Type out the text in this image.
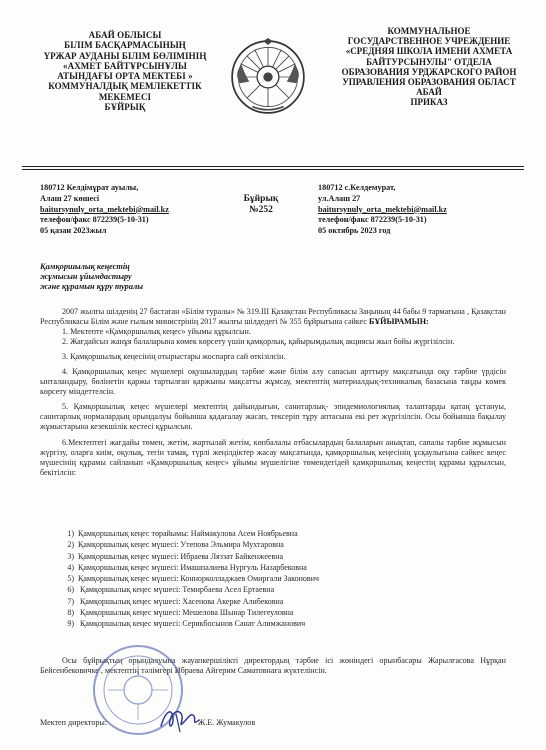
АБАЙ ОБЛЫСЫ
БІЛІМ БАСҚАРМАСЫНЫҢ
ҮРЖАР АУДАНЫ БІЛІМ БӨЛІМІНІҢ
«АХМЕТ БАЙТҰРСЫНҰЛЫ
АТЫНДАҒЫ ОРТА МЕКТЕБІ »
КОММУНАЛДЫҚ МЕМЛЕКЕТТІК
МЕКЕМЕСІ
БҰЙРЫҚ
КОММУНАЛЬНОЕ
ГОСУДАРСТВЕННОЕ УЧРЕЖДЕНИЕ
«СРЕДНЯЯ ШКОЛА ИМЕНИ АХМЕТА
БАЙТУРСЫНУЛЫ" ОТДЕЛА
ОБРАЗОВАНИЯ УРДЖАРСКОГО РАЙОН
УПРАВЛЕНИЯ ОБРАЗОВАНИЯ ОБЛАСТ
АБАЙ
ПРИКАЗ
180712 Келдімұрат ауылы,
Алаш 27 көшесі
baitursynuly_orta_mektebi@mail.kz
телефон/факс 872239(5-10-31)
05 қазан 2023жыл
Бұйрық
№252
180712 с.Келдемурат,
ул.Алаш 27
baitursynuly_orta_mektebi@mail.kz
телефон/факс 872239(5-10-31)
05 октябрь 2023 год
Қамқоршылық кеңестің
жұмысын ұйымдастыру
және құрамын құру туралы

2007 жылғы шілденің 27 бастаған «Білім туралы» № 319.III Қазақстан Республикасы Заңының 44 бабы 9 тармағына , Қазақстан Республикасы Білім және ғылым министрінің 2017 жылғы шілдедегі № 355 бұйрығына сәйкес БҰЙЫРАМЫН:

1. Мектепте «Қамқоршылық кеңес» уйымы құрылсын.

2. Жағдайсыз жанұя балаларына көмек көрсету үшін қамқорлық, қайырымдылық акциясы жыл бойы жүргізілсін.

3. Қамқоршылық кеңесінің отырыстары жоспарға сай өткізілсін.

4. Қамқоршылық кеңес мүшелері оқушылардың тәрбие және білім алу сапасын арттыру мақсатында оқу тәрбие үрдісін ынталандыру, бөлінетін қаржы тартылған қаржыны мақсатты жұмсау, мектептің материалдық-техникалық базасына таңды көмек көрсету міндеттелсін.

5. Қамқоршылық кеңес мүшелері мектептің дайындығын, санитарлық- эпидемиологиялық талаптарды қатаң ұстануы, санитарлық нормалардың орындалуы бойынша қадағалау жасап, тексеріп тұру аптасына екі рет жүргізілсін. Осы бойынша бақылау жұмыстарына кезекшілік кестесі құрылсын.

6.Мектептегі жағдайы төмен, жетім, жартылай жетім, көпбалалы отбасылардың балаларын анықтап, сапалы тәрбие жұмысын жүргізу, оларға киім, оқулық, тегін тамақ, түрлі жеңілдіктер жасау мақсатында, қамқоршылық кеңесінің ұсқаулығына сәйкес кеңес мүшесінің құрамы сайланып «Қамқоршылық кеңес» ұйымы мүшелігіне төмендегідей қамқоршылық кеңестің құрамы құрылсын, бекітілсін:

1) Қамқоршылық кеңес төрайымы: Наймакулова Асем Ноябрьевна
2) Қамқоршылық кеңес мүшесі: Утепова Эльмира Мухтаровна
3) Қамқоршылық кеңес мүшесі: Ибраева Ляззат Байкенжеевна
4) Қамқоршылық кеңес мүшесі: Имашпалиева Нургуль Назарбековна
5) Қамқоршылық кеңес мүшесі: Коннорколладжаев Омирғали Законович
6) Қамқоршылық кеңес мүшесі: Темирбаева Асел Ертаевна
7) Қамқоршылық кеңес мүшесі: Хасенова Акерке Алибековна
8) Қамқоршылық кеңес мүшесі: Мешелова Шынар Тилегеуловна
9) Қамқоршылық кеңес мүшесі: Серикбосынов Санат Алимжанович

Осы бұйрықтың орындалуына жауапкершілікті директордың тәрбие ісі жөніндегі орынбасары Жарылғасова Нұрқан Бейсенбековичке , мектептің тәлімгері Ибраева Айгерим Саматовнаға жүктелінсін.

Мектеп директоры:	Ж.Е. Жумакулов
